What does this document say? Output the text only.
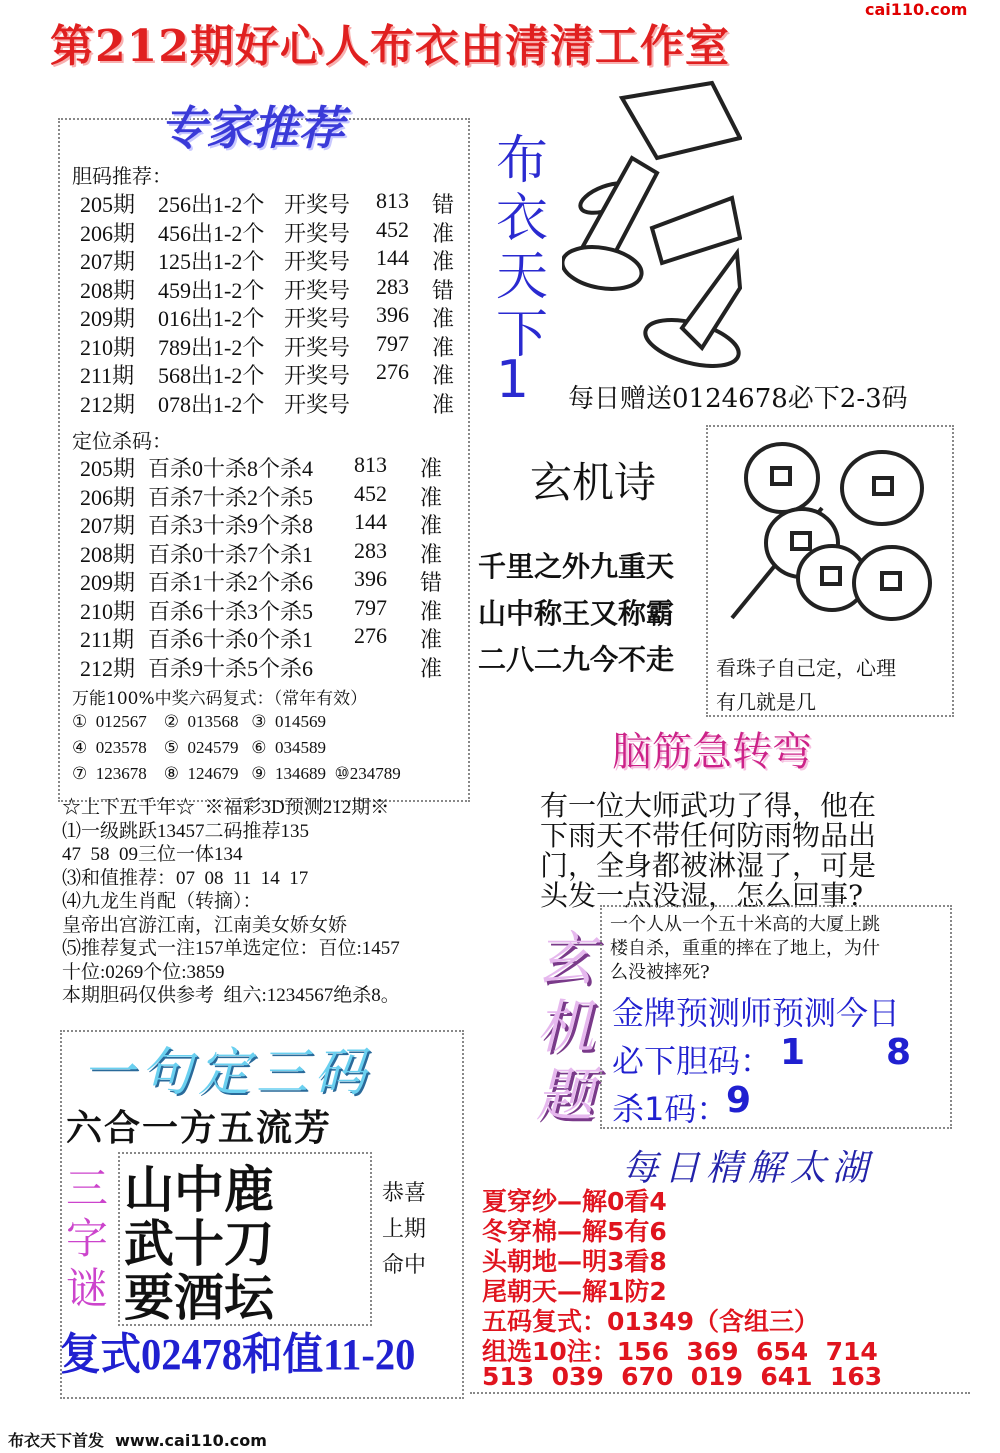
cai110.com
第212期好心人布衣由清清工作室
专家推荐
胆码推荐：
205期 256出1-2个 开奖号 813 错
206期 456出1-2个 开奖号 452 准
207期 125出1-2个 开奖号 144 准
208期 459出1-2个 开奖号 283 错
209期 016出1-2个 开奖号 396 准
210期 789出1-2个 开奖号 797 准
211期 568出1-2个 开奖号 276 准
212期 078出1-2个 开奖号	准
定位杀码：
205期 百杀0十杀8个杀4 813 准
206期 百杀7十杀2个杀5 452 准
207期 百杀3十杀9个杀8 144 准
208期 百杀0十杀7个杀1 283 准
209期 百杀1十杀2个杀6 396 错
210期 百杀6十杀3个杀5 797 准
211期 百杀6十杀0个杀1 276 准
212期 百杀9十杀5个杀6	准
万能100%中奖六码复式：（常年有效）
①  012567    ②  013568   ③  014569
④  023578    ⑤  024579   ⑥  034589
⑦  123678    ⑧  124679   ⑨  134689  ⑩234789
☆上下五千年☆  ※福彩3D预测212期※
⑴一级跳跃13457二码推荐135
47  58  09三位一体134
⑶和值推荐：07  08  11  14  17
⑷九龙生肖配（转摘）：
皇帝出宫游江南，江南美女娇女娇
⑸推荐复式一注157单选定位：百位:1457
十位:0269个位:3859
本期胆码仅供参考  组六:1234567绝杀8。
布
衣
天
下
1 每日赠送0124678必下2-3码
玄机诗
千里之外九重天
山中称王又称霸
二八二九今不走 看珠子自己定，心理
有几就是几
脑筋急转弯
有一位大师武功了得，他在
下雨天不带任何防雨物品出
门，全身都被淋湿了，可是
头发一点没湿，怎么回事?
玄
机
题
一个人从一个五十米高的大厦上跳
楼自杀，重重的摔在了地上，为什
么没被摔死?
金牌预测师预测今日
必下胆码： 1 8
杀1码：
9
每日精解太湖
夏穿纱—解0看4
冬穿棉—解5有6
头朝地—明3看8
尾朝天—解1防2
五码复式：01349（含组三）
组选10注：156  369  654  714
513  039  670  019  641  163
一句定三码
六合一方五流芳
三
字
谜
山中鹿
武十刀
要酒坛
恭喜
上期
命中
复式02478和值11-20
布衣天下首发  www.cai110.com
